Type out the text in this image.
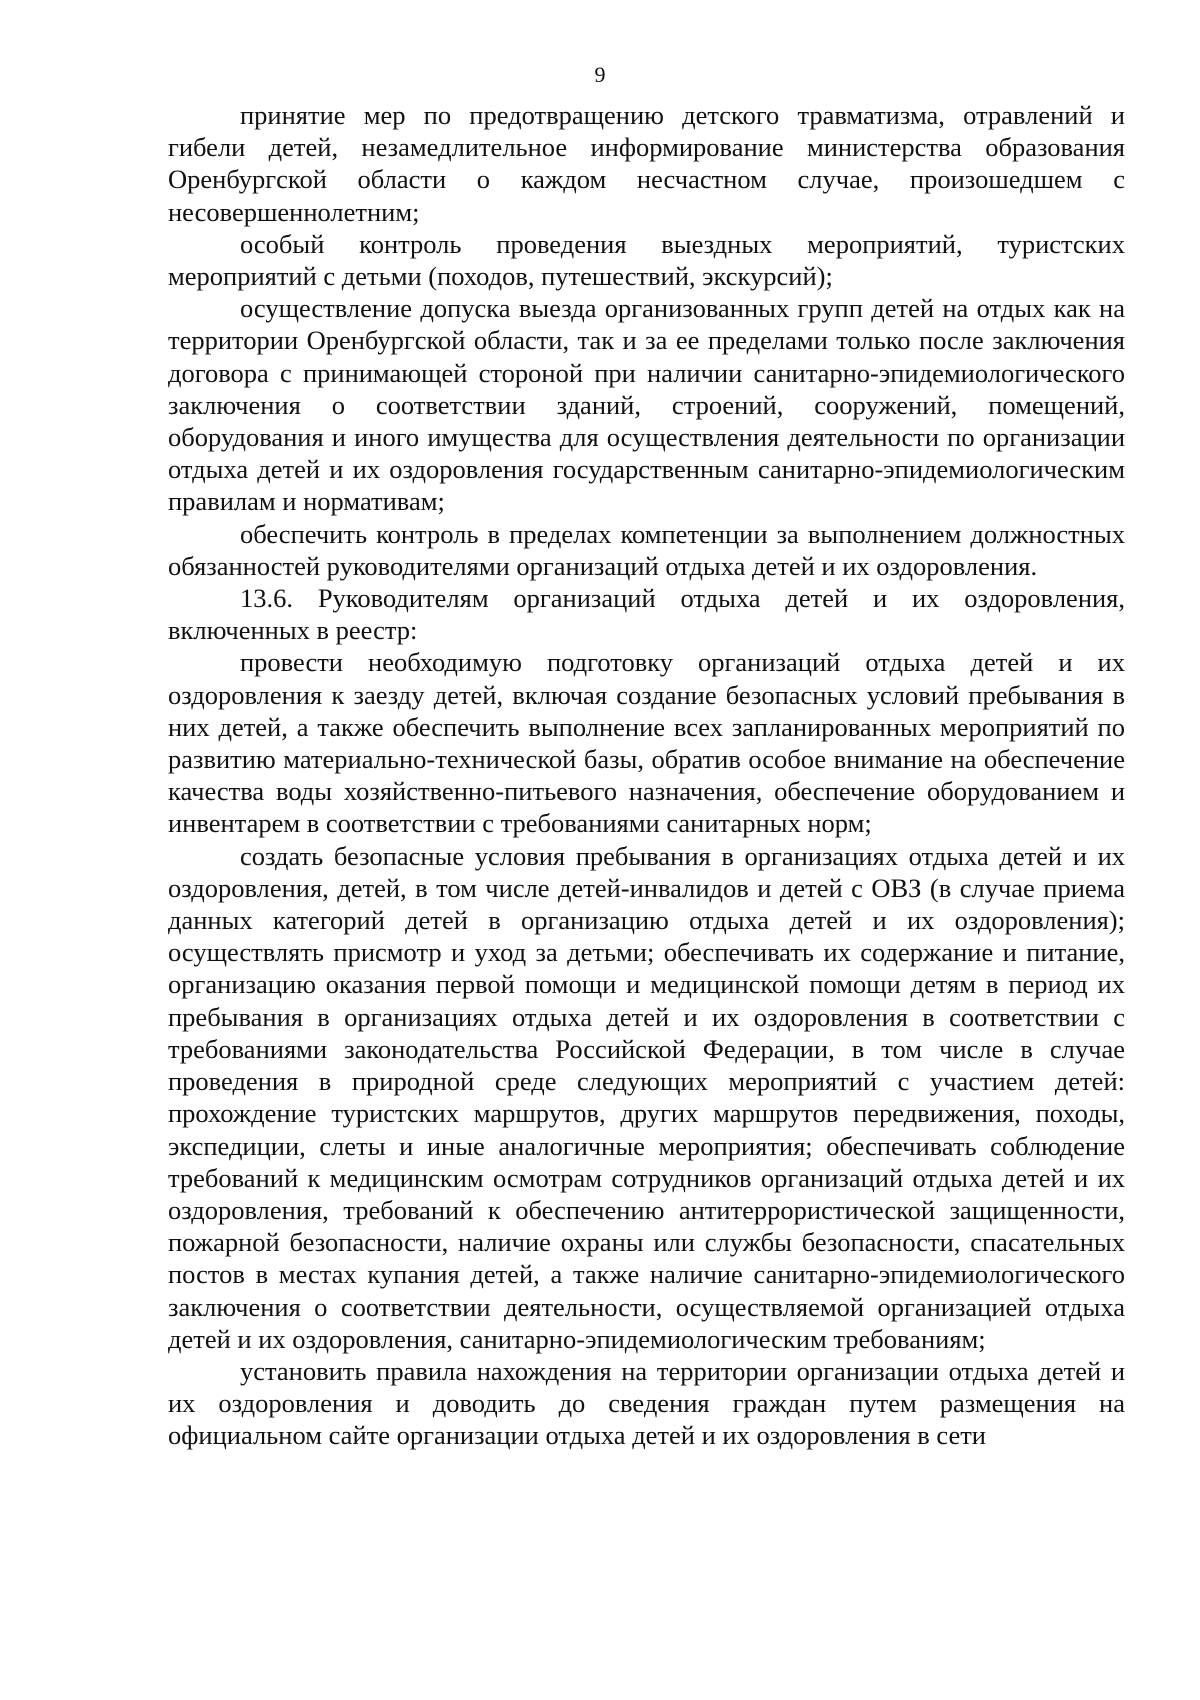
9

принятие мер по предотвращению детского травматизма, отравлений и гибели детей, незамедлительное информирование министерства образования Оренбургской области о каждом несчастном случае, произошедшем с несовершеннолетним;

особый контроль проведения выездных мероприятий, туристских мероприятий с детьми (походов, путешествий, экскурсий);

осуществление допуска выезда организованных групп детей на отдых как на территории Оренбургской области, так и за ее пределами только после заключения договора с принимающей стороной при наличии санитарно-эпидемиологического заключения о соответствии зданий, строений, сооружений, помещений, оборудования и иного имущества для осуществления деятельности по организации отдыха детей и их оздоровления государственным санитарно-эпидемиологическим правилам и нормативам;

обеспечить контроль в пределах компетенции за выполнением должностных обязанностей руководителями организаций отдыха детей и их оздоровления.

13.6. Руководителям организаций отдыха детей и их оздоровления, включенных в реестр:

провести необходимую подготовку организаций отдыха детей и их оздоровления к заезду детей, включая создание безопасных условий пребывания в них детей, а также обеспечить выполнение всех запланированных мероприятий по развитию материально-технической базы, обратив особое внимание на обеспечение качества воды хозяйственно-питьевого назначения, обеспечение оборудованием и инвентарем в соответствии с требованиями санитарных норм;

создать безопасные условия пребывания в организациях отдыха детей и их оздоровления, детей, в том числе детей-инвалидов и детей с ОВЗ (в случае приема данных категорий детей в организацию отдыха детей и их оздоровления); осуществлять присмотр и уход за детьми; обеспечивать их содержание и питание, организацию оказания первой помощи и медицинской помощи детям в период их пребывания в организациях отдыха детей и их оздоровления в соответствии с требованиями законодательства Российской Федерации, в том числе в случае проведения в природной среде следующих мероприятий с участием детей: прохождение туристских маршрутов, других маршрутов передвижения, походы, экспедиции, слеты и иные аналогичные мероприятия; обеспечивать соблюдение требований к медицинским осмотрам сотрудников организаций отдыха детей и их оздоровления, требований к обеспечению антитеррористической защищенности, пожарной безопасности, наличие охраны или службы безопасности, спасательных постов в местах купания детей, а также наличие санитарно-эпидемиологического заключения о соответствии деятельности, осуществляемой организацией отдыха детей и их оздоровления, санитарно-эпидемиологическим требованиям;

установить правила нахождения на территории организации отдыха детей и их оздоровления и доводить до сведения граждан путем размещения на официальном сайте организации отдыха детей и их оздоровления в сети
